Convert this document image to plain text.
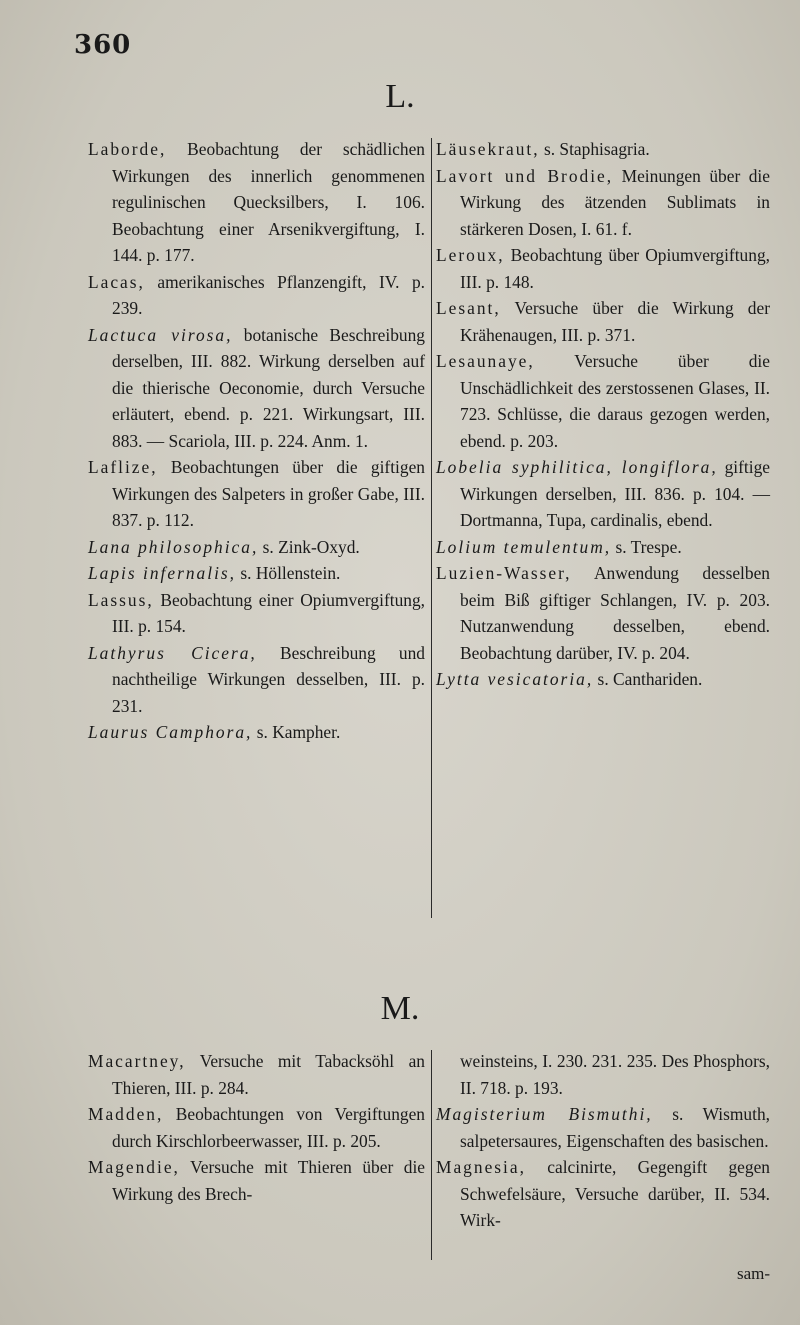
360
L.

Laborde, Beobachtung der schädlichen Wirkungen des innerlich genommenen regulinischen Quecksilbers, I. 106. Beobachtung einer Arsenikvergiftung, I. 144. p. 177.

Lacas, amerikanisches Pflanzengift, IV. p. 239.

Lactuca virosa, botanische Beschreibung derselben, III. 882. Wirkung derselben auf die thierische Oeconomie, durch Versuche erläutert, ebend. p. 221. Wirkungsart, III. 883. — Scariola, III. p. 224. Anm. 1.

Laflize, Beobachtungen über die giftigen Wirkungen des Salpeters in großer Gabe, III. 837. p. 112.

Lana philosophica, s. Zink-Oxyd.

Lapis infernalis, s. Höllenstein.

Lassus, Beobachtung einer Opiumvergiftung, III. p. 154.

Lathyrus Cicera, Beschreibung und nachtheilige Wirkungen desselben, III. p. 231.

Laurus Camphora, s. Kampher.

Läusekraut, s. Staphisagria.

Lavort und Brodie, Meinungen über die Wirkung des ätzenden Sublimats in stärkeren Dosen, I. 61. f.

Leroux, Beobachtung über Opiumvergiftung, III. p. 148.

Lesant, Versuche über die Wirkung der Krähenaugen, III. p. 371.

Lesaunaye, Versuche über die Unschädlichkeit des zerstossenen Glases, II. 723. Schlüsse, die daraus gezogen werden, ebend. p. 203.

Lobelia syphilitica, longiflora, giftige Wirkungen derselben, III. 836. p. 104. — Dortmanna, Tupa, cardinalis, ebend.

Lolium temulentum, s. Trespe.

Luzien-Wasser, Anwendung desselben beim Biß giftiger Schlangen, IV. p. 203. Nutzanwendung desselben, ebend. Beobachtung darüber, IV. p. 204.

Lytta vesicatoria, s. Canthariden.

M.

Macartney, Versuche mit Tabacksöhl an Thieren, III. p. 284.

Madden, Beobachtungen von Vergiftungen durch Kirschlorbeerwasser, III. p. 205.

Magendie, Versuche mit Thieren über die Wirkung des Brech-

weinsteins, I. 230. 231. 235. Des Phosphors, II. 718. p. 193.

Magisterium Bismuthi, s. Wismuth, salpetersaures, Eigenschaften des basischen.

Magnesia, calcinirte, Gegengift gegen Schwefelsäure, Versuche darüber, II. 534. Wirk-

sam-
